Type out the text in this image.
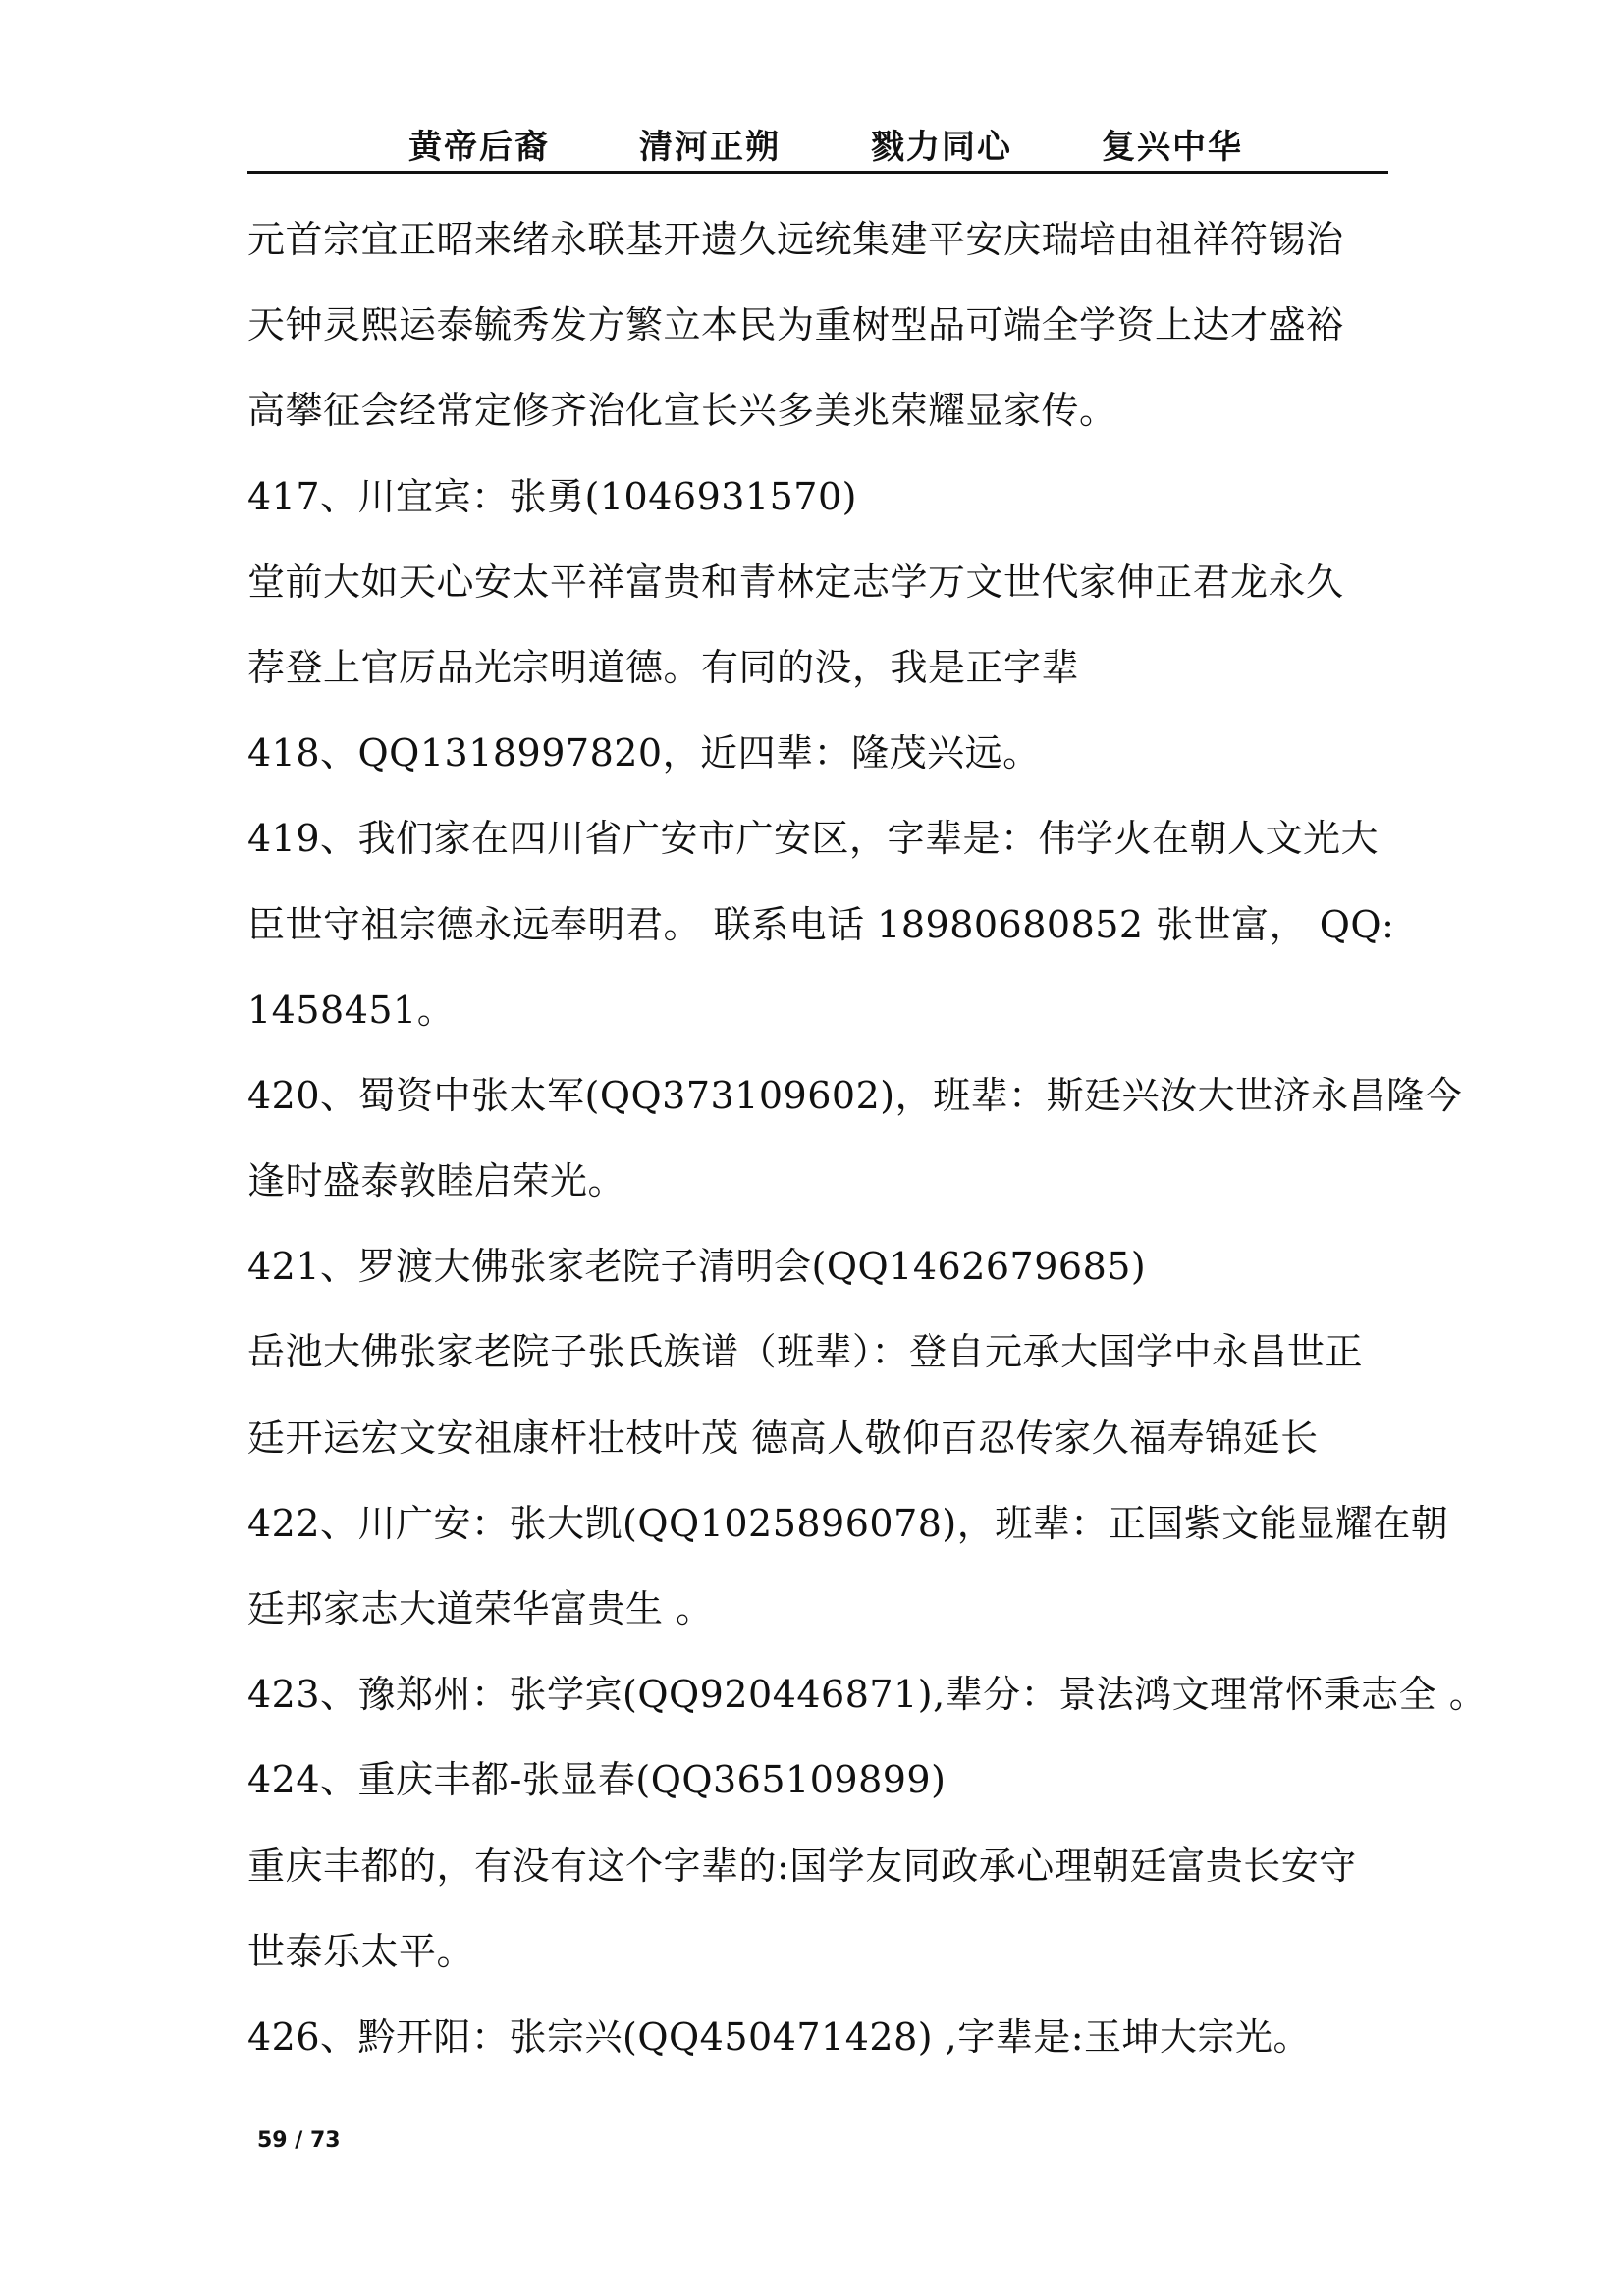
黄帝后裔	清河正朔	戮力同心	复兴中华
元首宗宜正昭来绪永联基开遗久远统集建平安庆瑞培由祖祥符锡治
天钟灵熙运泰毓秀发方繁立本民为重树型品可端全学资上达才盛裕
高攀征会经常定修齐治化宣长兴多美兆荣耀显家传。
417、川宜宾：张勇(1046931570)
堂前大如天心安太平祥富贵和青林定志学万文世代家伸正君龙永久
荐登上官厉品光宗明道德。有同的没，我是正字辈
418、QQ1318997820，近四辈：隆茂兴远。
419、我们家在四川省广安市广安区，字辈是：伟学火在朝人文光大
臣世守祖宗德永远奉明君。 联系电话 18980680852 张世富， QQ:
1458451。
420、蜀资中张太军(QQ373109602)，班辈：斯廷兴汝大世济永昌隆今
逢时盛泰敦睦启荣光。
421、罗渡大佛张家老院子清明会(QQ1462679685)
岳池大佛张家老院子张氏族谱（班辈）：登自元承大国学中永昌世正
廷开运宏文安祖康杆壮枝叶茂 德高人敬仰百忍传家久福寿锦延长
422、川广安：张大凯(QQ1025896078)，班辈：正国紫文能显耀在朝
廷邦家志大道荣华富贵生 。
423、豫郑州：张学宾(QQ920446871),辈分：景法鸿文理常怀秉志全 。
424、重庆丰都-张显春(QQ365109899)
重庆丰都的，有没有这个字辈的:国学友同政承心理朝廷富贵长安守
世泰乐太平。
426、黔开阳：张宗兴(QQ450471428) ,字辈是:玉坤大宗光。
59 / 73
